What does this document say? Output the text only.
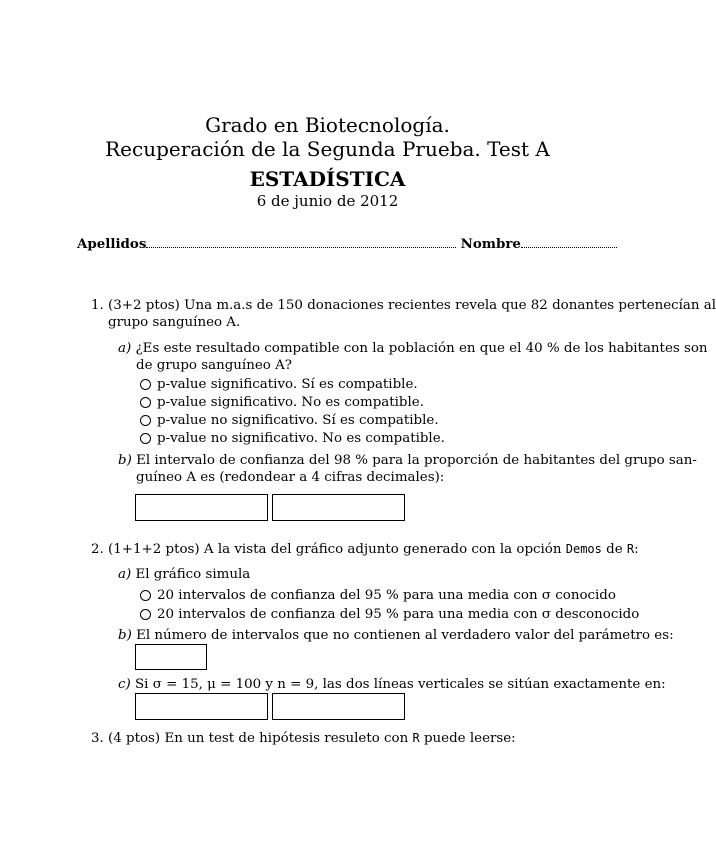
Grado en Biotecnología.
Recuperación de la Segunda Prueba. Test A
ESTADÍSTICA
6 de junio de 2012
Apellidos	Nombre
1. (3+2 ptos) Una m.a.s de 150 donaciones recientes revela que 82 donantes pertenecían al
grupo sanguíneo A.
a) ¿Es este resultado compatible con la población en que el 40 % de los habitantes son
de grupo sanguíneo A?
p-value significativo. Sí es compatible.
p-value significativo. No es compatible.
p-value no significativo. Sí es compatible.
p-value no significativo. No es compatible.
b) El intervalo de confianza del 98 % para la proporción de habitantes del grupo san-
guíneo A es (redondear a 4 cifras decimales):
2. (1+1+2 ptos) A la vista del gráfico adjunto generado con la opción Demos de R:
a) El gráfico simula
20 intervalos de confianza del 95 % para una media con σ conocido
20 intervalos de confianza del 95 % para una media con σ desconocido
b) El número de intervalos que no contienen al verdadero valor del parámetro es:
c) Si σ = 15, μ = 100 y n = 9, las dos líneas verticales se sitúan exactamente en:
3. (4 ptos) En un test de hipótesis resuleto con R puede leerse:
